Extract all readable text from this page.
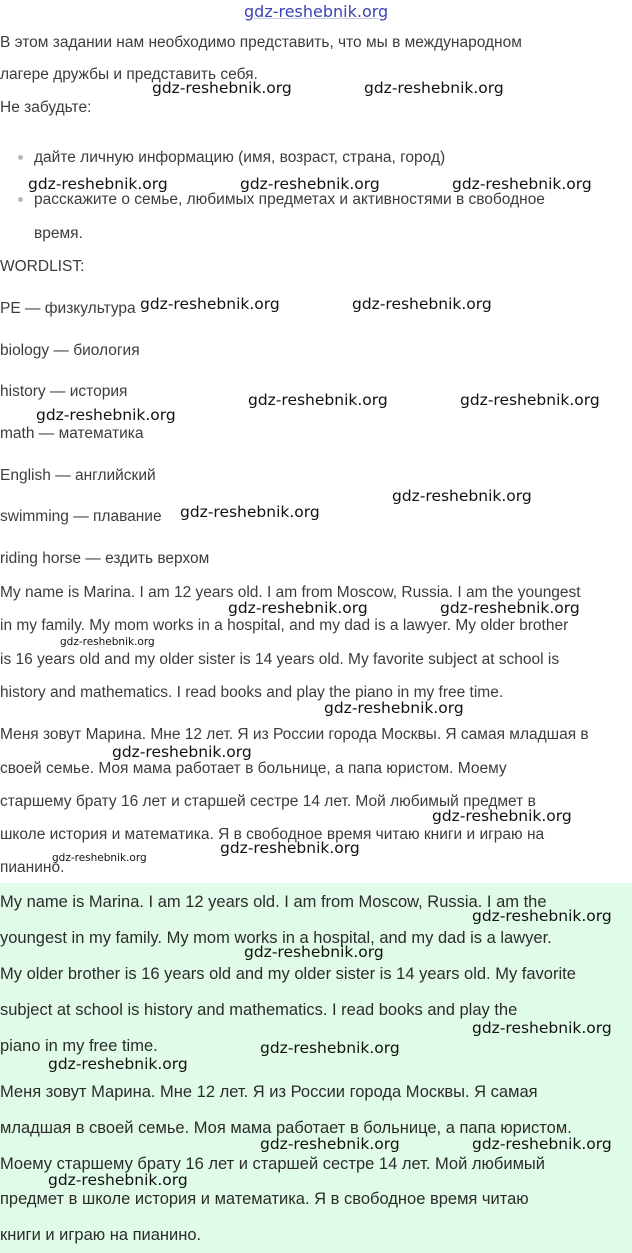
gdz-reshebnik.org
В этом задании нам необходимо представить, что мы в международном
лагере дружбы и представить себя.
Не забудьте:
дайте личную информацию (имя, возраст, страна, город)
расскажите о семье, любимых предметах и активностями в свободное
время.
WORDLIST:
PE — физкультура
biology — биология
history — история
math — математика
English — английский
swimming — плавание
riding horse — ездить верхом
My name is Marina. I am 12 years old. I am from Moscow, Russia. I am the youngest
in my family. My mom works in a hospital, and my dad is a lawyer. My older brother
is 16 years old and my older sister is 14 years old. My favorite subject at school is
history and mathematics. I read books and play the piano in my free time.
Меня зовут Марина. Мне 12 лет. Я из России города Москвы. Я самая младшая в
своей семье. Моя мама работает в больнице, а папа юристом. Моему
старшему брату 16 лет и старшей сестре 14 лет. Мой любимый предмет в
школе история и математика. Я в свободное время читаю книги и играю на
пианино.
My name is Marina. I am 12 years old. I am from Moscow, Russia. I am the
youngest in my family. My mom works in a hospital, and my dad is a lawyer.
My older brother is 16 years old and my older sister is 14 years old. My favorite
subject at school is history and mathematics. I read books and play the
piano in my free time.
Меня зовут Марина. Мне 12 лет. Я из России города Москвы. Я самая
младшая в своей семье. Моя мама работает в больнице, а папа юристом.
Моему старшему брату 16 лет и старшей сестре 14 лет. Мой любимый
предмет в школе история и математика. Я в свободное время читаю
книги и играю на пианино.
gdz-reshebnik.org	gdz-reshebnik.org
gdz-reshebnik.org	gdz-reshebnik.org	gdz-reshebnik.org
gdz-reshebnik.org	gdz-reshebnik.org
gdz-reshebnik.org	gdz-reshebnik.org
gdz-reshebnik.org
gdz-reshebnik.org
gdz-reshebnik.org
gdz-reshebnik.org	gdz-reshebnik.org
gdz-reshebnik.org
gdz-reshebnik.org
gdz-reshebnik.org
gdz-reshebnik.org
gdz-reshebnik.org
gdz-reshebnik.org
gdz-reshebnik.org
gdz-reshebnik.org
gdz-reshebnik.org
gdz-reshebnik.org
gdz-reshebnik.org
gdz-reshebnik.org	gdz-reshebnik.org
gdz-reshebnik.org
